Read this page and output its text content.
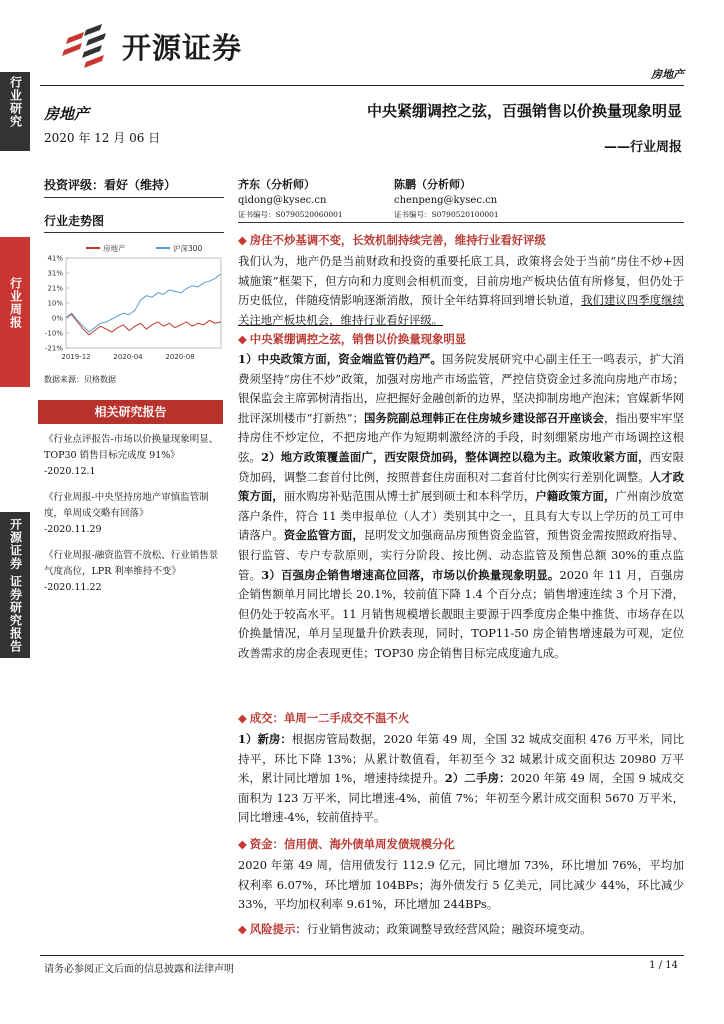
开源证券
房地产
行业研究
行业周报
开源证券 证券研究报告
房地产
2020 年 12 月 06 日
投资评级：看好（维持）
行业走势图
41%
31%
21%
10%
0%
-10%
-21%
2019-12	2020-04	2020-08
房地产	沪深300
数据来源：贝格数据
相关研究报告
《行业点评报告-市场以价换量现象明显、TOP30 销售目标完成度 91%》
-2020.12.1
《行业周报-中央坚持房地产审慎监管制度，单周成交略有回落》
-2020.11.29
《行业周报-融资监管不放松、行业销售景气度高位，LPR 利率维持不变》
-2020.11.22
中央紧绷调控之弦，百强销售以价换量现象明显
——行业周报
齐东（分析师）
qidong@kysec.cn
证书编号：S0790520060001
陈鹏（分析师）
chenpeng@kysec.cn
证书编号：S0790520100001
◆ 房住不炒基调不变，长效机制持续完善，维持行业看好评级
我们认为，地产仍是当前财政和投资的重要托底工具，政策将会处于当前“房住不炒+因城施策”框架下，但方向和力度则会相机而变，目前房地产板块估值有所修复，但仍处于历史低位，伴随疫情影响逐渐消散，预计全年结算将回到增长轨道，我们建议四季度继续关注地产板块机会，维持行业看好评级。
◆ 中央紧绷调控之弦，销售以价换量现象明显
1）中央政策方面，资金端监管仍趋严。国务院发展研究中心副主任王一鸣表示，扩大消费须坚持“房住不炒”政策，加强对房地产市场监管，严控信贷资金过多流向房地产市场；银保监会主席郭树清指出，应把握好金融创新的边界，坚决抑制房地产泡沫；官媒新华网批评深圳楼市“打新热”；国务院副总理韩正在住房城乡建设部召开座谈会，指出要牢牢坚持房住不炒定位，不把房地产作为短期刺激经济的手段，时刻绷紧房地产市场调控这根弦。2）地方政策覆盖面广，西安限贷加码，整体调控以稳为主。政策收紧方面，西安限贷加码，调整二套首付比例，按照普套住房面积对二套首付比例实行差别化调整。人才政策方面，丽水购房补贴范围从博士扩展到硕士和本科学历，户籍政策方面，广州南沙放宽落户条件，符合 11 类申报单位（人才）类别其中之一，且具有大专以上学历的员工可申请落户。资金监管方面，昆明发文加强商品房预售资金监管，预售资金需按照政府指导、银行监管、专户专款原则，实行分阶段、按比例、动态监管及预售总额 30%的重点监管。3）百强房企销售增速高位回落，市场以价换量现象明显。2020 年 11 月，百强房企销售额单月同比增长 20.1%，较前值下降 1.4 个百分点；销售增速连续 3 个月下滑，但仍处于较高水平。11 月销售规模增长靓眼主要源于四季度房企集中推货、市场存在以价换量情况，单月呈现量升价跌表现，同时，TOP11-50 房企销售增速最为可观，定位改善需求的房企表现更佳；TOP30 房企销售目标完成度逾九成。
◆ 成交：单周一二手成交不温不火
1）新房：根据房管局数据，2020 年第 49 周，全国 32 城成交面积 476 万平米，同比持平，环比下降 13%；从累计数值看，年初至今 32 城累计成交面积达 20980 万平米，累计同比增加 1%，增速持续提升。2）二手房：2020 年第 49 周，全国 9 城成交面积为 123 万平米，同比增速-4%，前值 7%；年初至今累计成交面积 5670 万平米，同比增速-4%，较前值持平。
◆ 资金：信用债、海外债单周发债规模分化
2020 年第 49 周，信用债发行 112.9 亿元，同比增加 73%，环比增加 76%，平均加权利率 6.07%，环比增加 104BPs；海外债发行 5 亿美元，同比减少 44%，环比减少 33%，平均加权利率 9.61%，环比增加 244BPs。
◆ 风险提示：行业销售波动；政策调整导致经营风险；融资环境变动。
请务必参阅正文后面的信息披露和法律声明	1 / 14
